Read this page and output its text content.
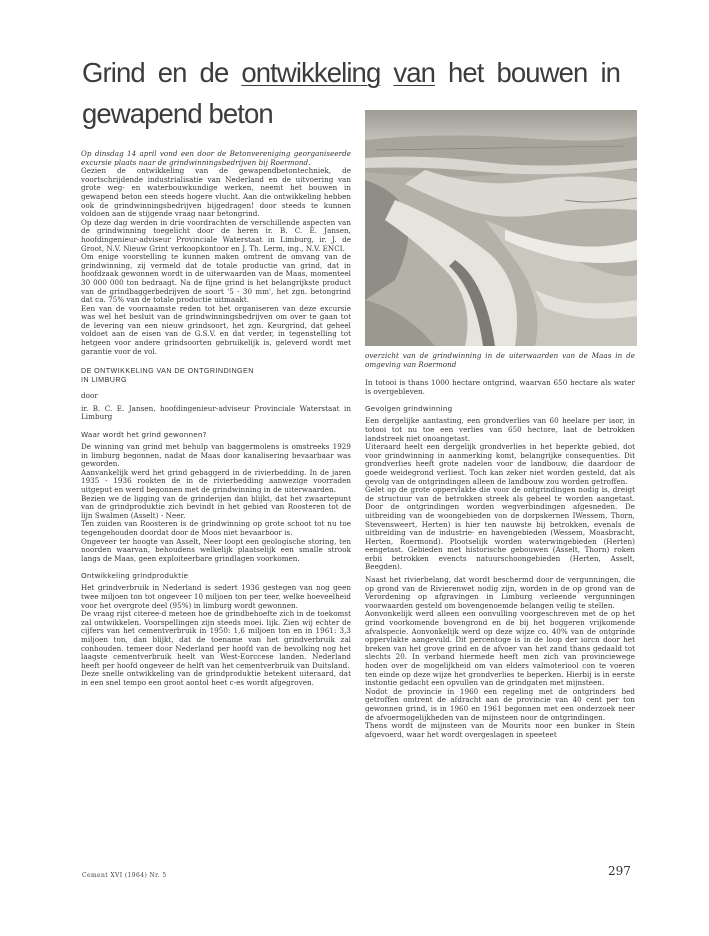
Grind en de ontwikkeling van het bouwen in
gewapend beton

Op dinsdag 14 april vond een door de Betonvereniging georganiseerde excursie plaats naar de grindwinningsbedrijven bij Roermond.

Gezien de ontwikkeling van de gewapendbetontechniek, de voortschrijdende industrialisatie van Nederland en de uitvoering van grote weg- en waterbouwkundige werken, neemt het bouwen in gewapend beton een steeds hogere vlucht. Aan die ontwikkeling hebben ook de grindwinningsbedrijven bijgedragen! door steeds te kunnen voldoen aan de stijgende vraag naar betongrind.

Op deze dag werden in drie voordrachten de verschillende aspecten van de grindwinning toegelicht door de heren ir. B. C. E. Jansen, hoofdingenieur-adviseur Provinciale Waterstaat in Limburg, ir. J. de Groot, N.V. Nieuw Grint verkoopkontoor en J. Th. Lerm, ing., N.V. ENCI.

Om enige voorstelling te kunnen maken omtrent de omvang van de grindwinning, zij vermeld dat de totale productie van grind, dat in hoofdzaak gewonnen wordt in de uiterwaarden van de Maas, momenteel 30 000 000 ton bedraagt. Na de fijne grind is het belangrijkste product van de grindbaggerbedrijven de soort '5 - 30 mm', het zgn. betongrind dat ca. 75% van de totale productie uitmaakt.

Een van de voornaamste reden tot het organiseren van deze excursie was wel het besluit van de grindwinningsbedrijven om over te gaan tot de levering van een nieuw grindsoort, het zgn. Keurgrind, dat geheel voldoet aan de eisen van de G.S.V. en dat verder, in tegenstelling tot hetgeen voor andere grindsoorten gebruikelijk is, geleverd wordt met garantie voor de vol.

DE ONTWIKKELING VAN DE ONTGRINDINGEN
IN LIMBURG

door

ir. B. C. E. Jansen, hoofdingenieur-adviseur Provinciale Waterstaat in Limburg

Waar wordt het grind gewonnen?

De winning van grind met behulp van baggermolens is omstreeks 1929 in limburg begonnen, nadat de Maas door kanalisering bevaarbaar was geworden.

Aanvankelijk werd het grind gebaggerd in de rivierbedding. In de jaren 1935 - 1936 rookten de in de rivierbedding aanwezige voorraden uitgeput en werd begonnen met de grindwinning in de uiterwaarden.

Bezien we de ligging van de grinderijen dan blijkt, dat het zwaartepunt van de grindproduktie zich bevindt in het gebied van Roosteren tot de lijn Swalmen (Asselt) - Neer.

Ten zuiden van Roosteren is de grindwinning op grote schoot tot nu toe tegengehouden doordat door de Moos niet bevaarboor is.

Ongeveer ter hoogte van Asselt, Neer loopt een geologische storing, ten noorden waarvan, behoudens welkelijk plaatselijk een smalle strook langs de Maas, geen exploiteerbare grindlagen voorkomen.

Ontwikkeling grindproduktie

Het grindverbruik in Nederland is sedert 1936 gestegen van nog geen twee miljoen ton tot ongeveer 10 miljoen ton per teer, welke hoeveelheid voor het overgrote deel (95%) in limburg wordt gewonnen.

De vraag rijst citeree-d meteen hoe de grindbehoefte zich in de toekomst zal ontwikkelen. Voorspellingen zijn steeds moei. lijk. Zien wij echter de cijfers van het cementverbruik in 1950: 1,6 miljoen ton en in 1961: 3,3 miljoen ton, dan blijkt, dat de toename van het grindverbruik zal conhouden. temeer door Nederland per hoofd van de bevolking nog het laagste cementverbruik heelt van West-Eorccese landen. Nederland heeft per hoofd ongeveer de helft van het cementverbruik van Duitsland.

Deze snelle ontwikkeling van de grindproduktie betekent uiteraard, dat in een snel tempo een groot aontol heet c-es wordt afgegroven.

overzicht van de grindwinning in de uiterwaarden van de Maas in de omgeving van Roermond

In totooi is thans 1000 hectare ontgrind, waarvan 650 hectare als water is overgebleven.

Gevolgen grindwinning

Een dergelijke aantasting, een grondverlies van 60 heelare per iaor, in totooi tot nu toe een verlies van 650 hectore, laat de betrokken landstreek niet onoangetast.

Uiteraard heelt een dergelijk grondverlies in het beperkte gebied, dot voor grindwinning in aanmerking komt, belangrijke consequenties. Dit grondverlies heeft grote nadelen voor de landbouw, die daardoor de goede weidegrond verliest. Toch kan zeker niet worden gesteld, dat als gevolg van de ontgrindingen alleen de landbouw zou worden getroffen.

Gelet op de grote oppervlakte die voor de ontgrindingen nodig is, dreigt de structuur van de betrokken streek als geheel te worden aangetast. Door de ontgrindingen worden wegverbindingen afgesneden. De uitbreiding van de woongebieden von de dorpskernen IWessem, Thorn, Stevensweert, Herten) is hier ten nauwste bij betrokken, evenals de uitbreiding van de industrie- en havengebieden (Wessem, Moasbracht, Herten, Roermond). Plootselijk worden waterwingebieden (Herten) eengetast. Gebieden met historische gebouwen (Asselt, Thorn) roken erbii betrokken evencts natuurschoongebieden (Herten, Asselt, Beegden).

Naast het rivierbelang, dat wordt beschermd door de vergunningen, die op grond van de Rivierenwet nodig zijn, worden in de op grond van de Verordening op afgravingen in Limburg verleende vergunningen voorwaarden gesteld om bovengenoemde belangen veilig te stellen.

Aonvonkelijk werd alleen een oonvulling voorgeschreven met de op het grind voorkomende bovengrond en de bij het boggeren vrijkomende afvalspecie. Aonvonkelijk werd op deze wijze co. 40% van de ontgrinde oppervlakte aangevuld. Dit percentoge is in de loop der iorcn door het breken van het grove grind en de afvoer van het zand thans gedaald tot slechts 20. In verband hiermede heeft men zich van provinciewege hoden over de mogelijkheid om van elders valmoteriool con te voeren ten einde op deze wijze het grondverlies te beperken. Hierbij is in eerste instontie gedacht een opvullen van de grindgaten met mijnsteen.

Nodot de provincie in 1960 een regeling met de ontgrinders bed getroffen omtrent de afdracht aan de provincie van 40 cent per ton gewonnen grind, is in 1960 en 1961 begonnen met een onderzoek neer de afvoermogelijkheden van de mijnsteen noor de ontgrindingen.

Thens wordt de mijnsteen van de Mourits noor een bunker in Stein afgevoerd, waar het wordt overgeslagen in speeteet

Cement XVI (1964) Nr. 5	297
